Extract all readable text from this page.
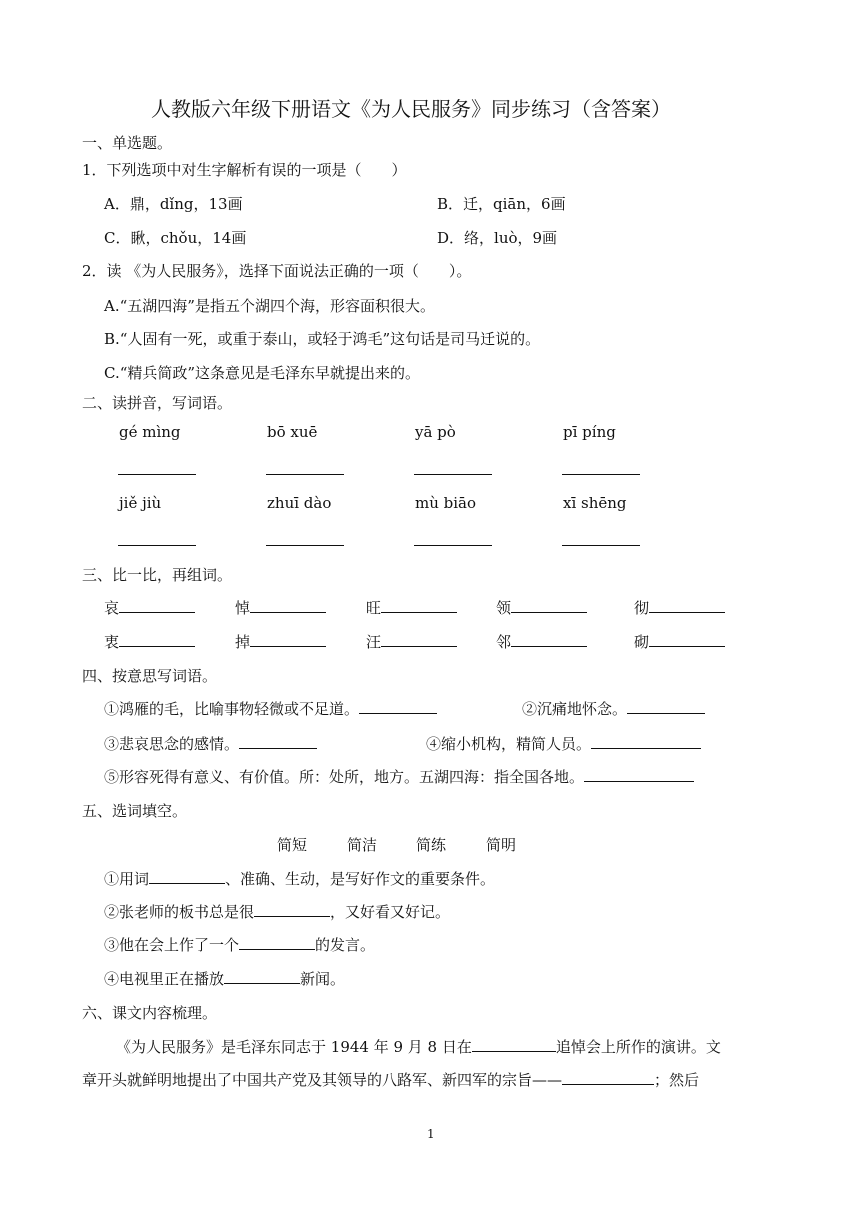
人教版六年级下册语文《为人民服务》同步练习（含答案）
一、单选题。
1．下列选项中对生字解析有误的一项是（　　）
A．鼎，dǐng，13画	B．迁，qiān，6画
C．瞅，chǒu，14画	D．络，luò，9画
2．读 《为人民服务》，选择下面说法正确的一项（　　）。
A.“五湖四海”是指五个湖四个海，形容面积很大。
B.“人固有一死，或重于泰山，或轻于鸿毛”这句话是司马迁说的。
C.“精兵简政”这条意见是毛泽东早就提出来的。
二、读拼音，写词语。
gé mìng	bō xuē	yā pò	pī píng
jiě jiù	zhuī dào	mù biāo	xī shēng
三、比一比，再组词。
哀	悼	旺	领	彻
衷	掉	汪	邻	砌
四、按意思写词语。
①鸿雁的毛，比喻事物轻微或不足道。	②沉痛地怀念。
③悲哀思念的感情。	④缩小机构，精简人员。
⑤形容死得有意义、有价值。所：处所，地方。五湖四海：指全国各地。
五、选词填空。
简短	简洁	简练	简明
①用词	、准确、生动，是写好作文的重要条件。
②张老师的板书总是很	，又好看又好记。
③他在会上作了一个	的发言。
④电视里正在播放	新闻。
六、课文内容梳理。
《为人民服务》是毛泽东同志于 1944 年 9 月 8 日在	追悼会上所作的演讲。文
章开头就鲜明地提出了中国共产党及其领导的八路军、新四军的宗旨——	；然后
1
